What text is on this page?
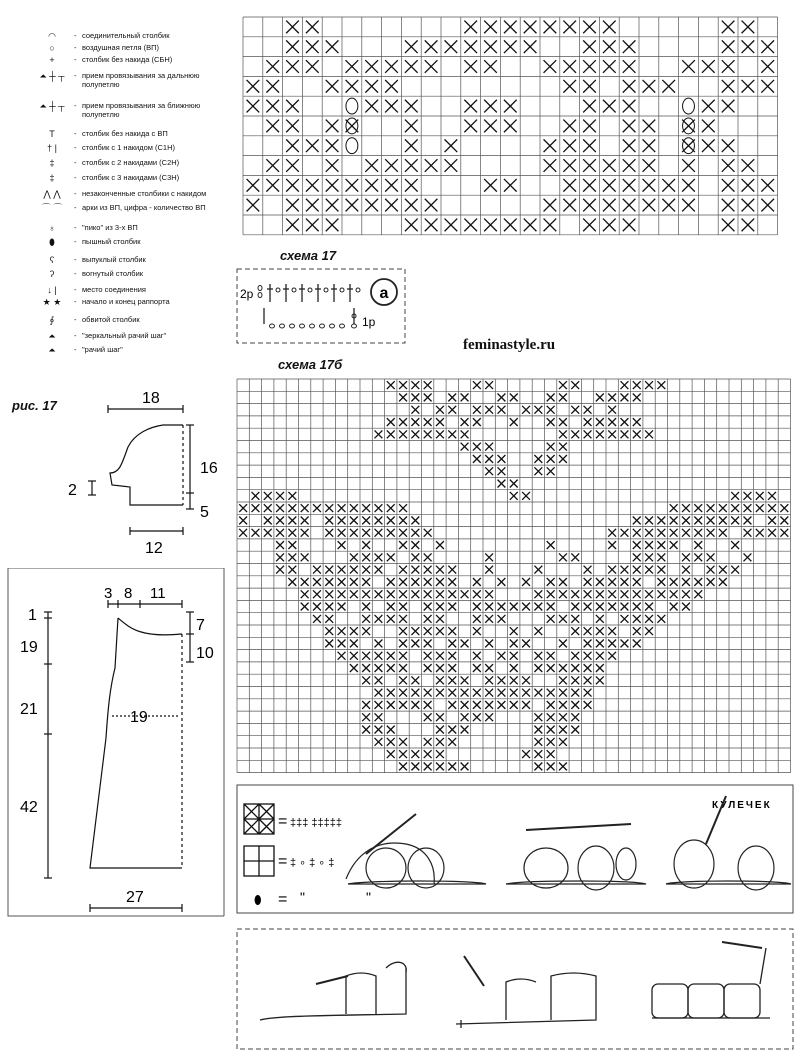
◠	- соединительный столбик
○	- воздушная петля (ВП)
+	- столбик без накида (СБН)
⏶ ┼ ┬	- прием провязывания за дальнюю полупетлю
⏶ ┼ ┬	- прием провязывания за ближнюю полупетлю
T	- столбик без накида с ВП
† |	- столбик с 1 накидом (С1Н)
‡	- столбик с 2 накидами (С2Н)
‡	- столбик с 3 накидами (С3Н)
⋀ ⋀	- незаконченные столбики с накидом
⌒ ⌒	- арки из ВП, цифра - количество ВП
♁	- "пико" из 3-х ВП
⬮	- пышный столбик
ʕ	- выпуклый столбик
ʔ	- вогнутый столбик
↓ |	- место соединения
★ ★	- начало и конец раппорта
∮	- обвитой столбик
⏶	- "зеркальный рачий шаг"
⏶	- "рачий шаг"
схема 17
a
2р
1р
feminastyle.ru
схема 17б
рис. 17	18
16
5
2
12
3 8 11
1
19
21
42
7
10
19
27
КУЛЕЧЕК
= ‡‡‡ ‡‡‡‡‡
= ‡ ∘ ‡ ∘ ‡
⬮ = "	"
